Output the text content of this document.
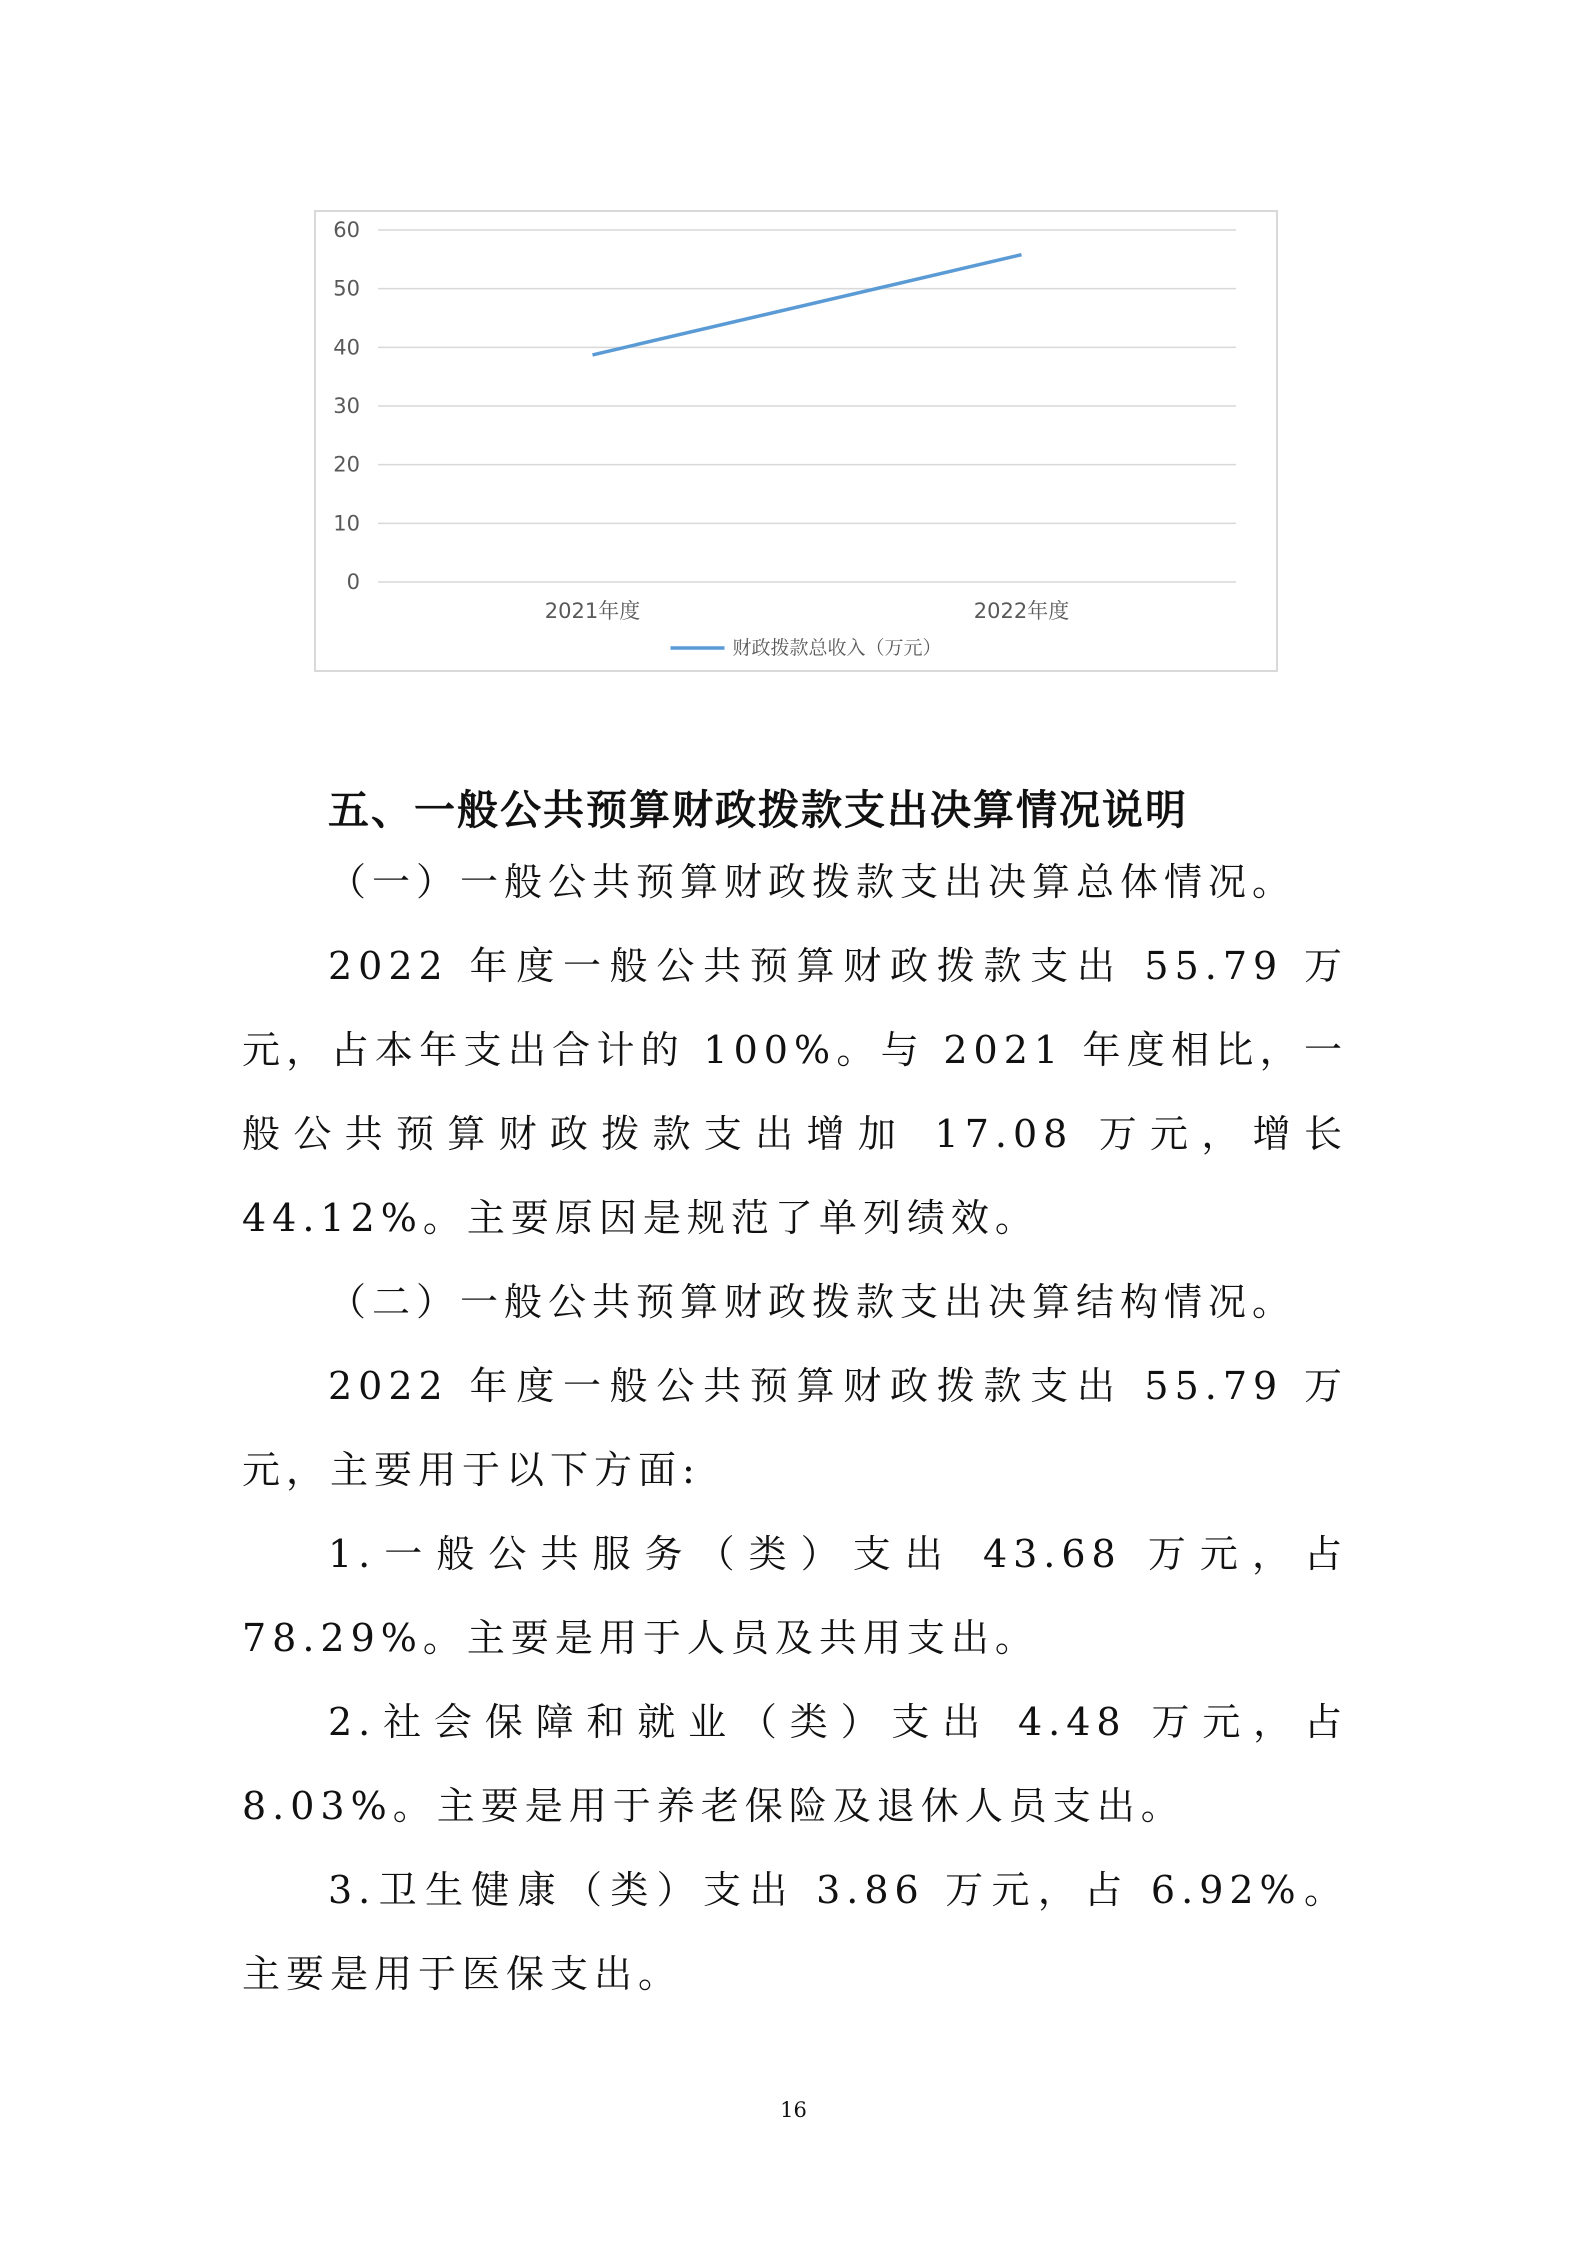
0
10
20
30
40
50
60
2021年度	2022年度
财政拨款总收入（万元）

五、一般公共预算财政拨款支出决算情况说明

（一）一般公共预算财政拨款支出决算总体情况。

2022 年度一般公共预算财政拨款支出 55.79 万元，占本年支出合计的 100%。与 2021 年度相比，一般公共预算财政拨款支出增加 17.08 万元，增长 44.12%。主要原因是规范了单列绩效。

（二）一般公共预算财政拨款支出决算结构情况。

2022 年度一般公共预算财政拨款支出 55.79 万元，主要用于以下方面:

1.一般公共服务（类）支出 43.68 万元，占 78.29%。主要是用于人员及共用支出。

2.社会保障和就业（类）支出 4.48 万元，占 8.03%。主要是用于养老保险及退休人员支出。

3.卫生健康（类）支出 3.86 万元，占 6.92%。主要是用于医保支出。

16
